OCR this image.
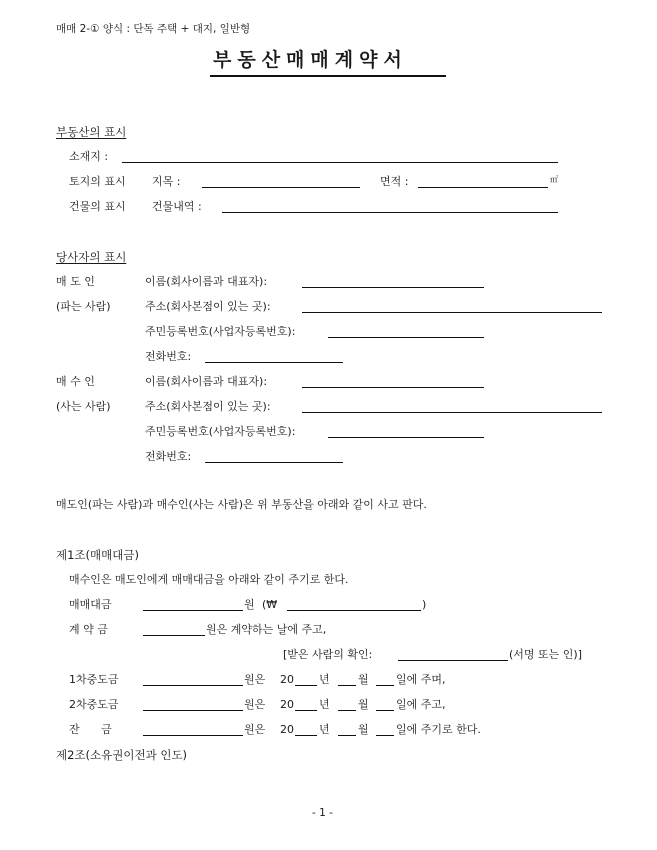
매매 2-① 양식 : 단독 주택 + 대지, 일반형
부동산매매계약서
부동산의 표시
소재지 :
토지의 표시 지목 :	면적 :	㎡
건물의 표시 건물내역 :
당사자의 표시
매 도 인	이름(회사이름과 대표자):
(파는 사람)	주소(회사본점이 있는 곳):
주민등록번호(사업자등록번호):
전화번호:
매 수 인	이름(회사이름과 대표자):
(사는 사람)	주소(회사본점이 있는 곳):
주민등록번호(사업자등록번호):
전화번호:
매도인(파는 사람)과 매수인(사는 사람)은 위 부동산을 아래와 같이 사고 판다.
제1조(매매대금)
매수인은 매도인에게 매매대금을 아래와 같이 주기로 한다.
매매대금	원 (₩	)
계 약 금	원은 계약하는 날에 주고,
[받은 사람의 확인:	(서명 또는 인)]
1차중도금	원은 20 년	월 일에 주며,
2차중도금	원은 20 년	월 일에 주고,
잔 금	원은 20 년	월 일에 주기로 한다.
제2조(소유권이전과 인도)
- 1 -
